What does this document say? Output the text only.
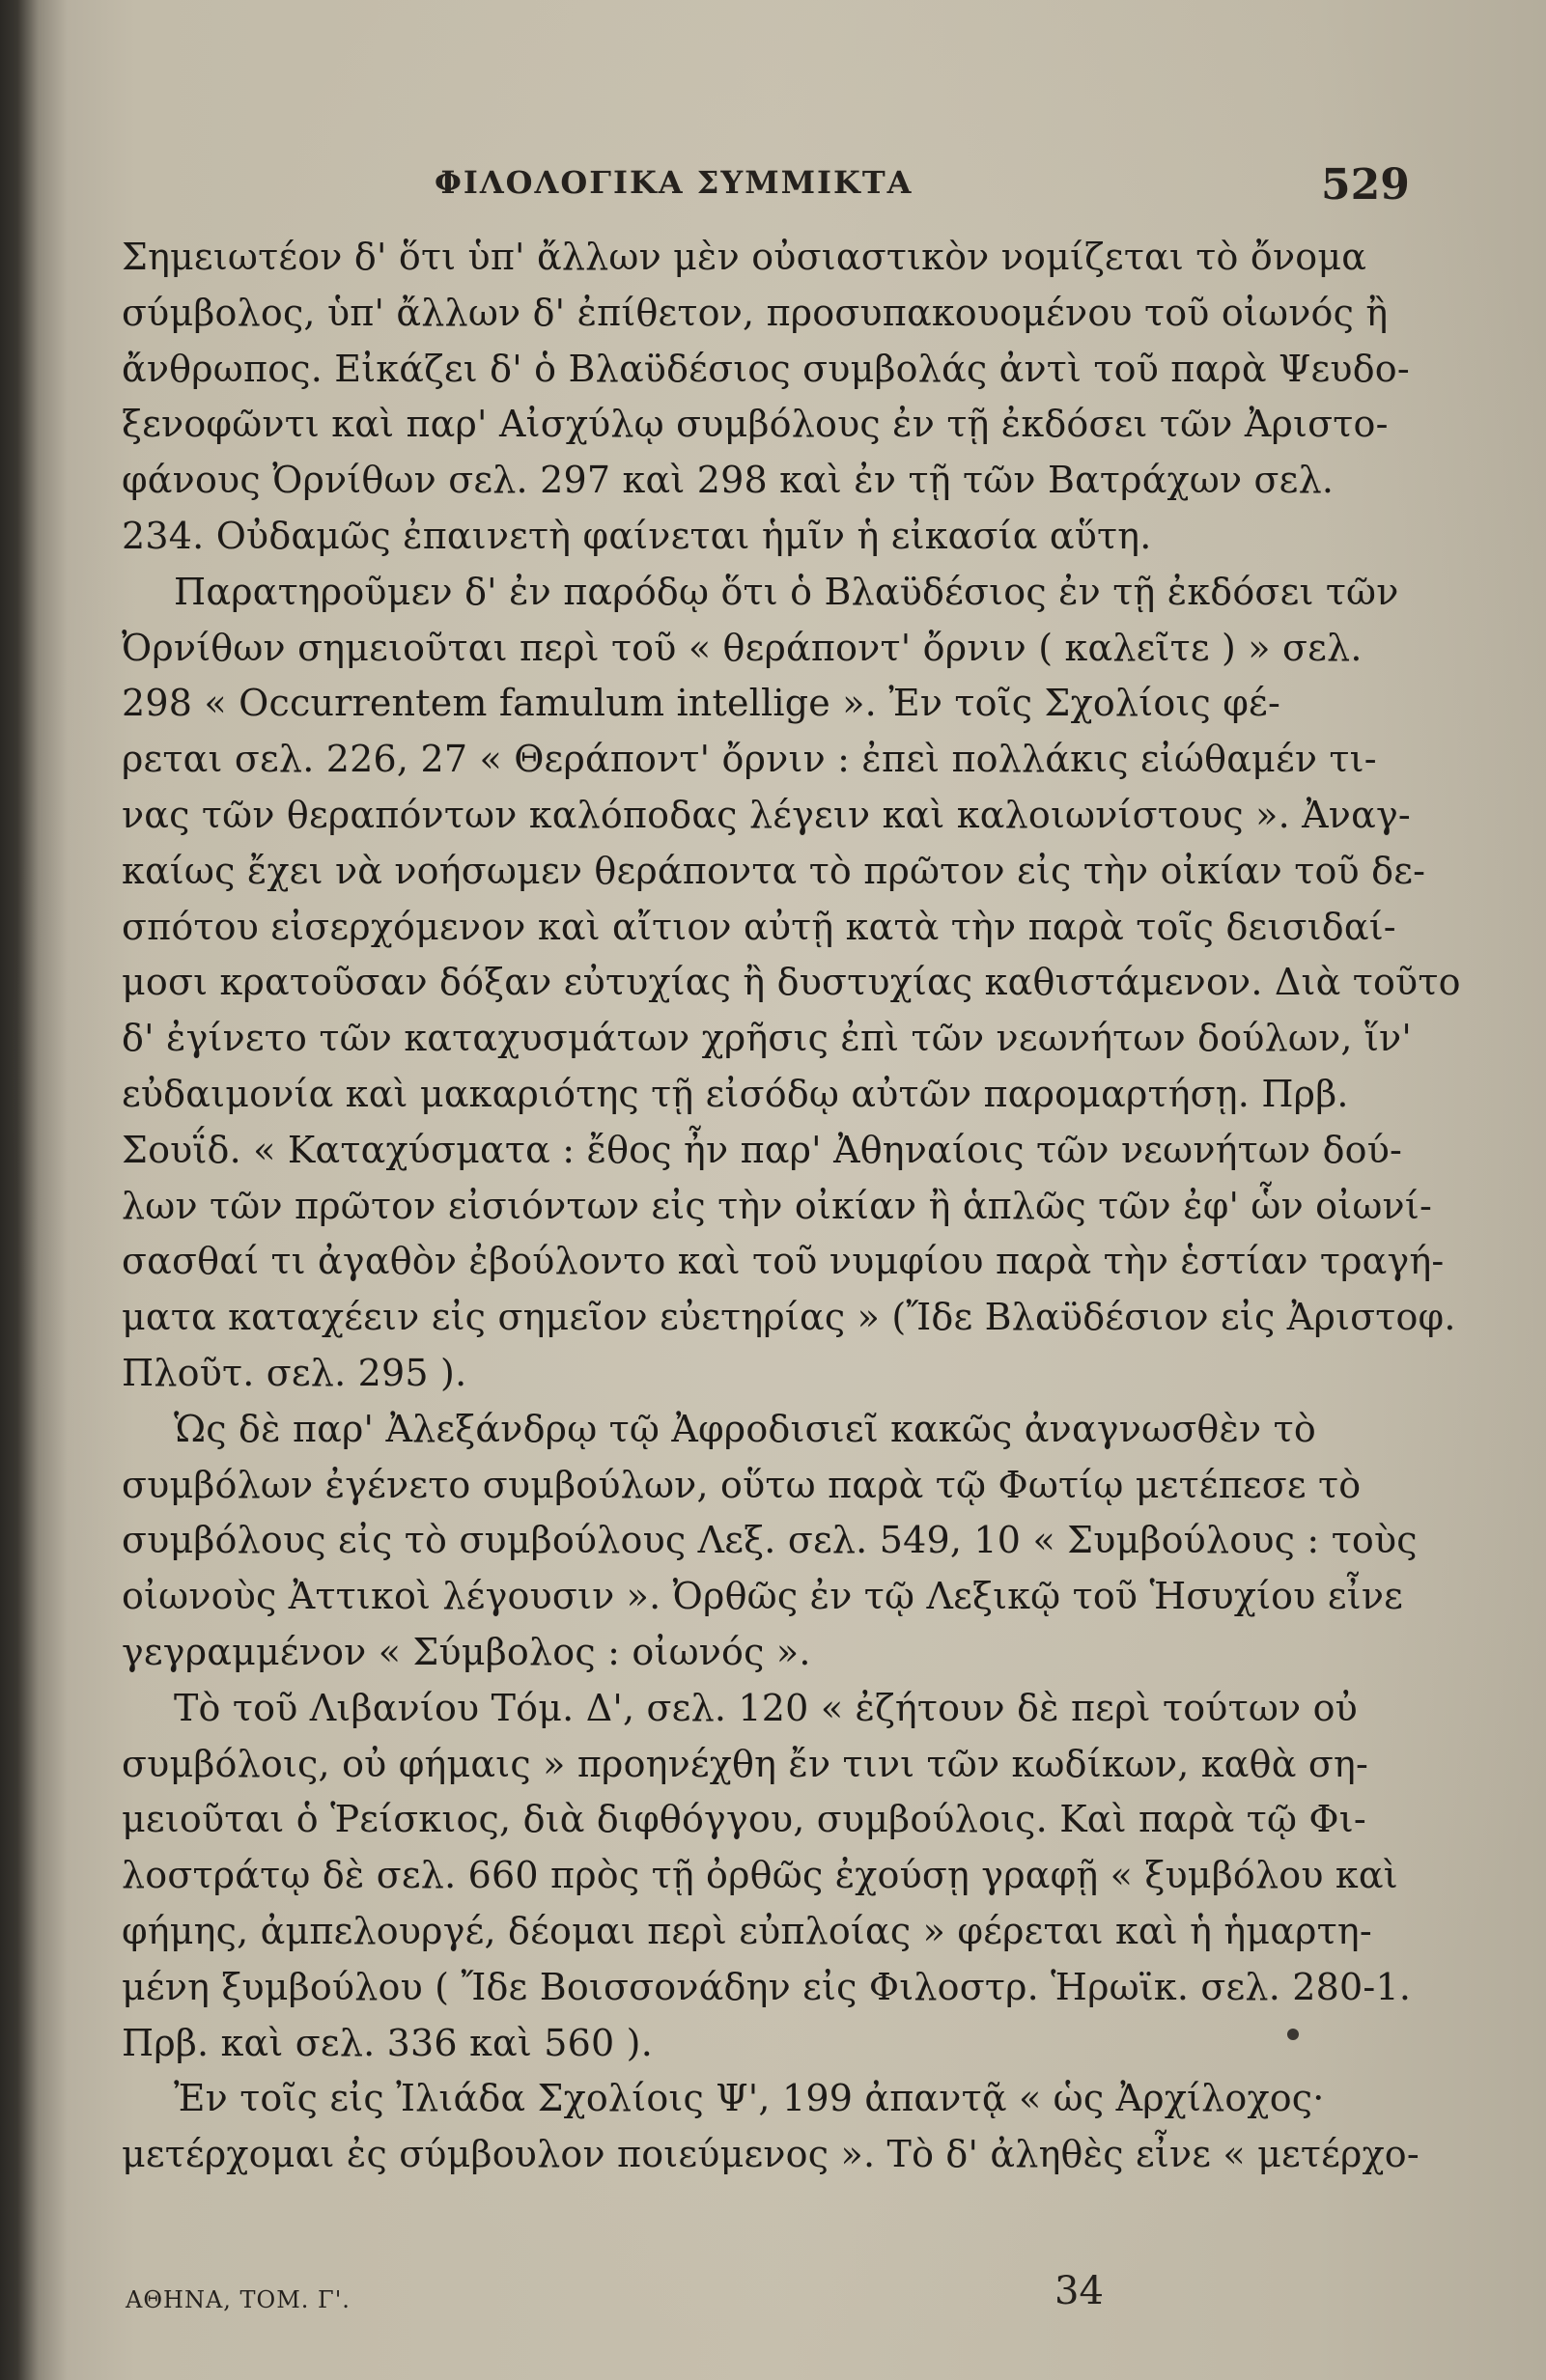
ΦΙΛΟΛΟΓΙΚΑ ΣΥΜΜΙΚΤΑ	529
Σημειωτέον δ' ὅτι ὑπ' ἄλλων μὲν οὐσιαστικὸν νομίζεται τὸ ὄνομα
σύμβολος, ὑπ' ἄλλων δ' ἐπίθετον, προσυπακουομένου τοῦ οἰωνός ἢ
ἄνθρωπος. Εἰκάζει δ' ὁ Βλαϋδέσιος συμβολάς ἀντὶ τοῦ παρὰ Ψευδο-
ξενοφῶντι καὶ παρ' Αἰσχύλῳ συμβόλους ἐν τῇ ἐκδόσει τῶν Ἀριστο-
φάνους Ὀρνίθων σελ. 297 καὶ 298 καὶ ἐν τῇ τῶν Βατράχων σελ.
234. Οὐδαμῶς ἐπαινετὴ φαίνεται ἡμῖν ἡ εἰκασία αὕτη.
Παρατηροῦμεν δ' ἐν παρόδῳ ὅτι ὁ Βλαϋδέσιος ἐν τῇ ἐκδόσει τῶν
Ὀρνίθων σημειοῦται περὶ τοῦ « θεράποντ' ὄρνιν ( καλεῖτε ) » σελ.
298 « Occurrentem famulum intellige ». Ἐν τοῖς Σχολίοις φέ-
ρεται σελ. 226, 27 « Θεράποντ' ὄρνιν : ἐπεὶ πολλάκις εἰώθαμέν τι-
νας τῶν θεραπόντων καλόποδας λέγειν καὶ καλοιωνίστους ». Ἀναγ-
καίως ἔχει νὰ νοήσωμεν θεράποντα τὸ πρῶτον εἰς τὴν οἰκίαν τοῦ δε-
σπότου εἰσερχόμενον καὶ αἴτιον αὐτῇ κατὰ τὴν παρὰ τοῖς δεισιδαί-
μοσι κρατοῦσαν δόξαν εὐτυχίας ἢ δυστυχίας καθιστάμενον. Διὰ τοῦτο
δ' ἐγίνετο τῶν καταχυσμάτων χρῆσις ἐπὶ τῶν νεωνήτων δούλων, ἵν'
εὐδαιμονία καὶ μακαριότης τῇ εἰσόδῳ αὐτῶν παρομαρτήσῃ. Πρβ.
Σουΐδ. « Καταχύσματα : ἔθος ἦν παρ' Ἀθηναίοις τῶν νεωνήτων δού-
λων τῶν πρῶτον εἰσιόντων εἰς τὴν οἰκίαν ἢ ἁπλῶς τῶν ἐφ' ὧν οἰωνί-
σασθαί τι ἀγαθὸν ἐβούλοντο καὶ τοῦ νυμφίου παρὰ τὴν ἑστίαν τραγή-
ματα καταχέειν εἰς σημεῖον εὐετηρίας » (Ἴδε Βλαϋδέσιον εἰς Ἀριστοφ.
Πλοῦτ. σελ. 295 ).
Ὡς δὲ παρ' Ἀλεξάνδρῳ τῷ Ἀφροδισιεῖ κακῶς ἀναγνωσθὲν τὸ
συμβόλων ἐγένετο συμβούλων, οὕτω παρὰ τῷ Φωτίῳ μετέπεσε τὸ
συμβόλους εἰς τὸ συμβούλους Λεξ. σελ. 549, 10 « Συμβούλους : τοὺς
οἰωνοὺς Ἀττικοὶ λέγουσιν ». Ὀρθῶς ἐν τῷ Λεξικῷ τοῦ Ἡσυχίου εἶνε
γεγραμμένον « Σύμβολος : οἰωνός ».
Τὸ τοῦ Λιβανίου Τόμ. Δ', σελ. 120 « ἐζήτουν δὲ περὶ τούτων οὐ
συμβόλοις, οὐ φήμαις » προηνέχθη ἔν τινι τῶν κωδίκων, καθὰ ση-
μειοῦται ὁ Ῥείσκιος, διὰ διφθόγγου, συμβούλοις. Καὶ παρὰ τῷ Φι-
λοστράτῳ δὲ σελ. 660 πρὸς τῇ ὀρθῶς ἐχούσῃ γραφῇ « ξυμβόλου καὶ
φήμης, ἀμπελουργέ, δέομαι περὶ εὐπλοίας » φέρεται καὶ ἡ ἡμαρτη-
μένη ξυμβούλου ( Ἴδε Βοισσονάδην εἰς Φιλοστρ. Ἡρωϊκ. σελ. 280-1.
Πρβ. καὶ σελ. 336 καὶ 560 ).
Ἐν τοῖς εἰς Ἰλιάδα Σχολίοις Ψ', 199 ἀπαντᾷ « ὡς Ἀρχίλοχος·
μετέρχομαι ἐς σύμβουλον ποιεύμενος ». Τὸ δ' ἀληθὲς εἶνε « μετέρχο-
ΑΘΗΝΑ, ΤΟΜ. Γ'.	34
